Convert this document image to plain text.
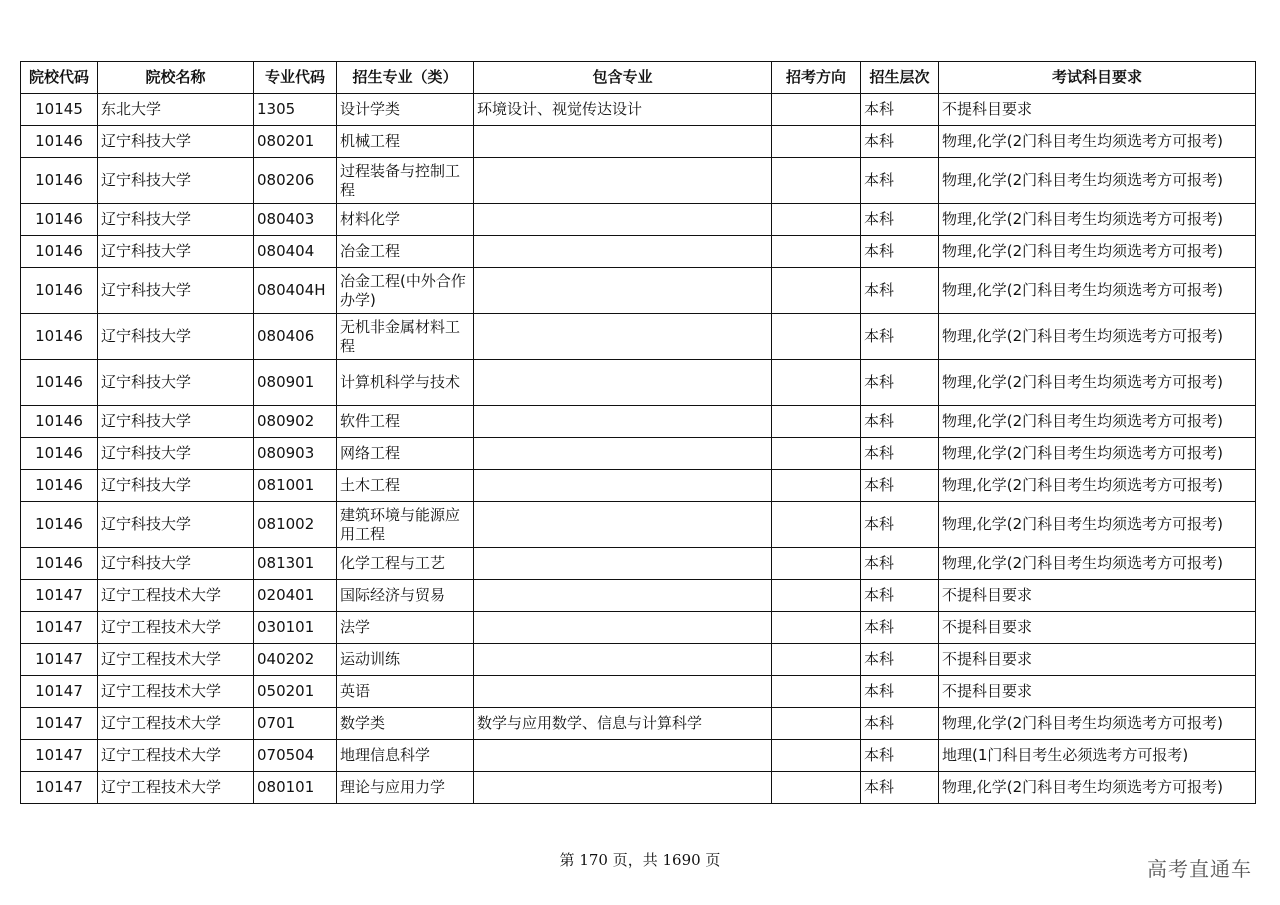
院校代码	院校名称	专业代码	招生专业（类）	包含专业	招考方向	招生层次	考试科目要求
10145	东北大学	1305	设计学类	环境设计、视觉传达设计		本科	不提科目要求
10146	辽宁科技大学	080201	机械工程			本科	物理,化学(2门科目考生均须选考方可报考)
10146	辽宁科技大学	080206	过程装备与控制工程			本科	物理,化学(2门科目考生均须选考方可报考)
10146	辽宁科技大学	080403	材料化学			本科	物理,化学(2门科目考生均须选考方可报考)
10146	辽宁科技大学	080404	冶金工程			本科	物理,化学(2门科目考生均须选考方可报考)
10146	辽宁科技大学	080404H	冶金工程(中外合作办学)			本科	物理,化学(2门科目考生均须选考方可报考)
10146	辽宁科技大学	080406	无机非金属材料工程			本科	物理,化学(2门科目考生均须选考方可报考)
10146	辽宁科技大学	080901	计算机科学与技术			本科	物理,化学(2门科目考生均须选考方可报考)
10146	辽宁科技大学	080902	软件工程			本科	物理,化学(2门科目考生均须选考方可报考)
10146	辽宁科技大学	080903	网络工程			本科	物理,化学(2门科目考生均须选考方可报考)
10146	辽宁科技大学	081001	土木工程			本科	物理,化学(2门科目考生均须选考方可报考)
10146	辽宁科技大学	081002	建筑环境与能源应用工程			本科	物理,化学(2门科目考生均须选考方可报考)
10146	辽宁科技大学	081301	化学工程与工艺			本科	物理,化学(2门科目考生均须选考方可报考)
10147	辽宁工程技术大学	020401	国际经济与贸易			本科	不提科目要求
10147	辽宁工程技术大学	030101	法学			本科	不提科目要求
10147	辽宁工程技术大学	040202	运动训练			本科	不提科目要求
10147	辽宁工程技术大学	050201	英语			本科	不提科目要求
10147	辽宁工程技术大学	0701	数学类	数学与应用数学、信息与计算科学		本科	物理,化学(2门科目考生均须选考方可报考)
10147	辽宁工程技术大学	070504	地理信息科学			本科	地理(1门科目考生必须选考方可报考)
10147	辽宁工程技术大学	080101	理论与应用力学			本科	物理,化学(2门科目考生均须选考方可报考)
第 170 页，共 1690 页	高考直通车
